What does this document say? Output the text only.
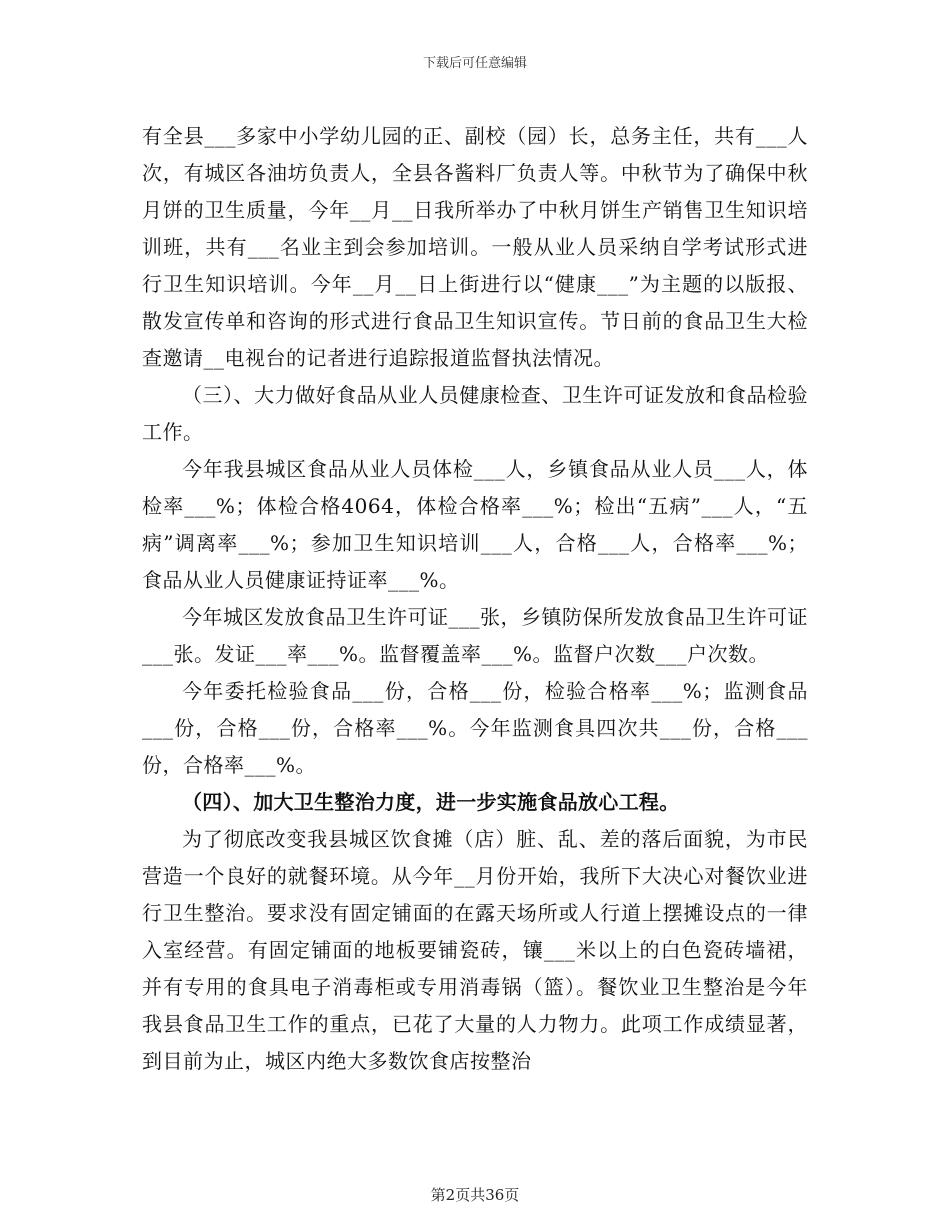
下载后可任意编辑

有全县___多家中小学幼儿园的正、副校（园）长，总务主任，共有___人次，有城区各油坊负责人，全县各酱料厂负责人等。中秋节为了确保中秋月饼的卫生质量，今年__月__日我所举办了中秋月饼生产销售卫生知识培训班，共有___名业主到会参加培训。一般从业人员采纳自学考试形式进行卫生知识培训。今年__月__日上街进行以“健康___”为主题的以版报、散发宣传单和咨询的形式进行食品卫生知识宣传。节日前的食品卫生大检查邀请__电视台的记者进行追踪报道监督执法情况。

（三）、大力做好食品从业人员健康检查、卫生许可证发放和食品检验工作。

今年我县城区食品从业人员体检___人，乡镇食品从业人员___人，体检率___%；体检合格4064，体检合格率___%；检出“五病”___人，“五病”调离率___%；参加卫生知识培训___人，合格___人，合格率___%；食品从业人员健康证持证率___%。

今年城区发放食品卫生许可证___张，乡镇防保所发放食品卫生许可证___张。发证___率___%。监督覆盖率___%。监督户次数___户次数。

今年委托检验食品___份，合格___份，检验合格率___%；监测食品___份，合格___份，合格率___%。今年监测食具四次共___份，合格___份，合格率___%。

（四）、加大卫生整治力度，进一步实施食品放心工程。

为了彻底改变我县城区饮食摊（店）脏、乱、差的落后面貌，为市民营造一个良好的就餐环境。从今年__月份开始，我所下大决心对餐饮业进行卫生整治。要求没有固定铺面的在露天场所或人行道上摆摊设点的一律入室经营。有固定铺面的地板要铺瓷砖，镶___米以上的白色瓷砖墙裙，并有专用的食具电子消毒柜或专用消毒锅（篮）。餐饮业卫生整治是今年我县食品卫生工作的重点，已花了大量的人力物力。此项工作成绩显著，到目前为止，城区内绝大多数饮食店按整治

第2页共36页
